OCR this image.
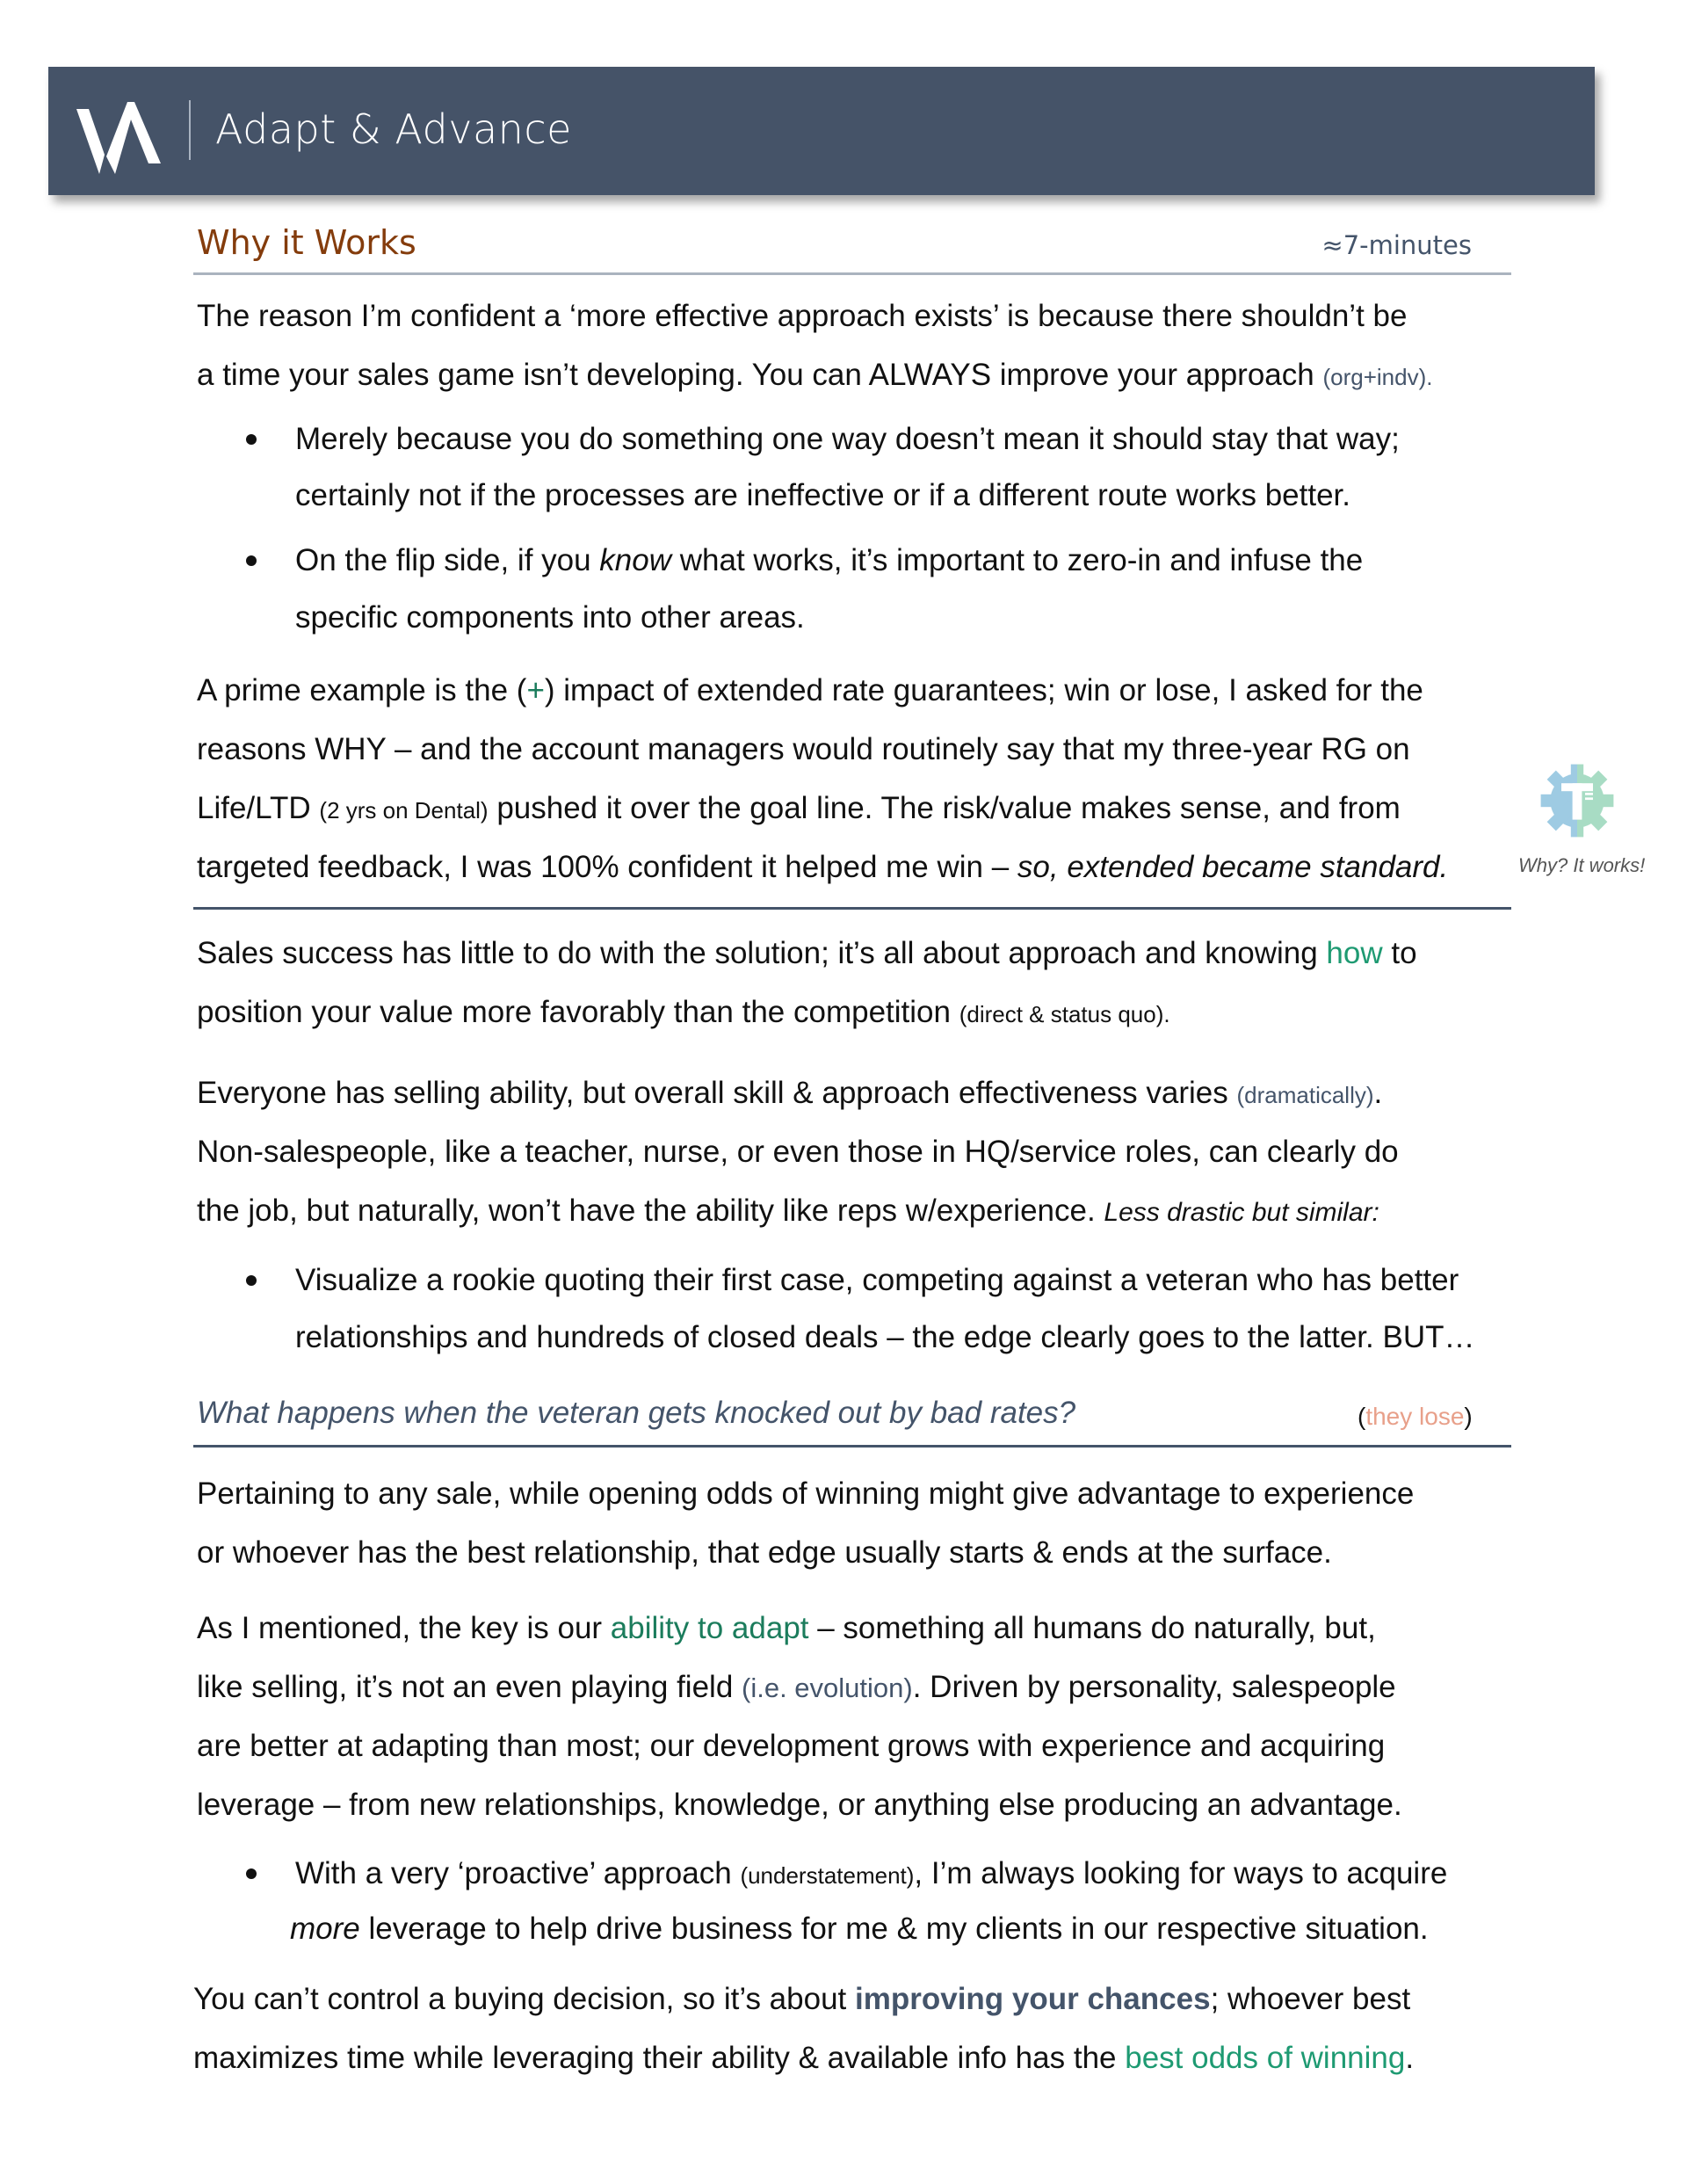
Adapt & Advance
Why it Works	≈7-minutes
The reason I’m confident a ‘more effective approach exists’ is because there shouldn’t be
a time your sales game isn’t developing. You can ALWAYS improve your approach (org+indv).
Merely because you do something one way doesn’t mean it should stay that way;
certainly not if the processes are ineffective or if a different route works better.
On the flip side, if you know what works, it’s important to zero-in and infuse the
specific components into other areas.
A prime example is the (+) impact of extended rate guarantees; win or lose, I asked for the
reasons WHY – and the account managers would routinely say that my three-year RG on
Life/LTD (2 yrs on Dental) pushed it over the goal line. The risk/value makes sense, and from
targeted feedback, I was 100% confident it helped me win – so, extended became standard.	Why? It works!
Sales success has little to do with the solution; it’s all about approach and knowing how to
position your value more favorably than the competition (direct & status quo).
Everyone has selling ability, but overall skill & approach effectiveness varies (dramatically).
Non-salespeople, like a teacher, nurse, or even those in HQ/service roles, can clearly do
the job, but naturally, won’t have the ability like reps w/experience. Less drastic but similar:
Visualize a rookie quoting their first case, competing against a veteran who has better
relationships and hundreds of closed deals – the edge clearly goes to the latter. BUT…
What happens when the veteran gets knocked out by bad rates?	(they lose)
Pertaining to any sale, while opening odds of winning might give advantage to experience
or whoever has the best relationship, that edge usually starts & ends at the surface.
As I mentioned, the key is our ability to adapt – something all humans do naturally, but,
like selling, it’s not an even playing field (i.e. evolution). Driven by personality, salespeople
are better at adapting than most; our development grows with experience and acquiring
leverage – from new relationships, knowledge, or anything else producing an advantage.
With a very ‘proactive’ approach (understatement), I’m always looking for ways to acquire
more leverage to help drive business for me & my clients in our respective situation.
You can’t control a buying decision, so it’s about improving your chances; whoever best
maximizes time while leveraging their ability & available info has the best odds of winning.
